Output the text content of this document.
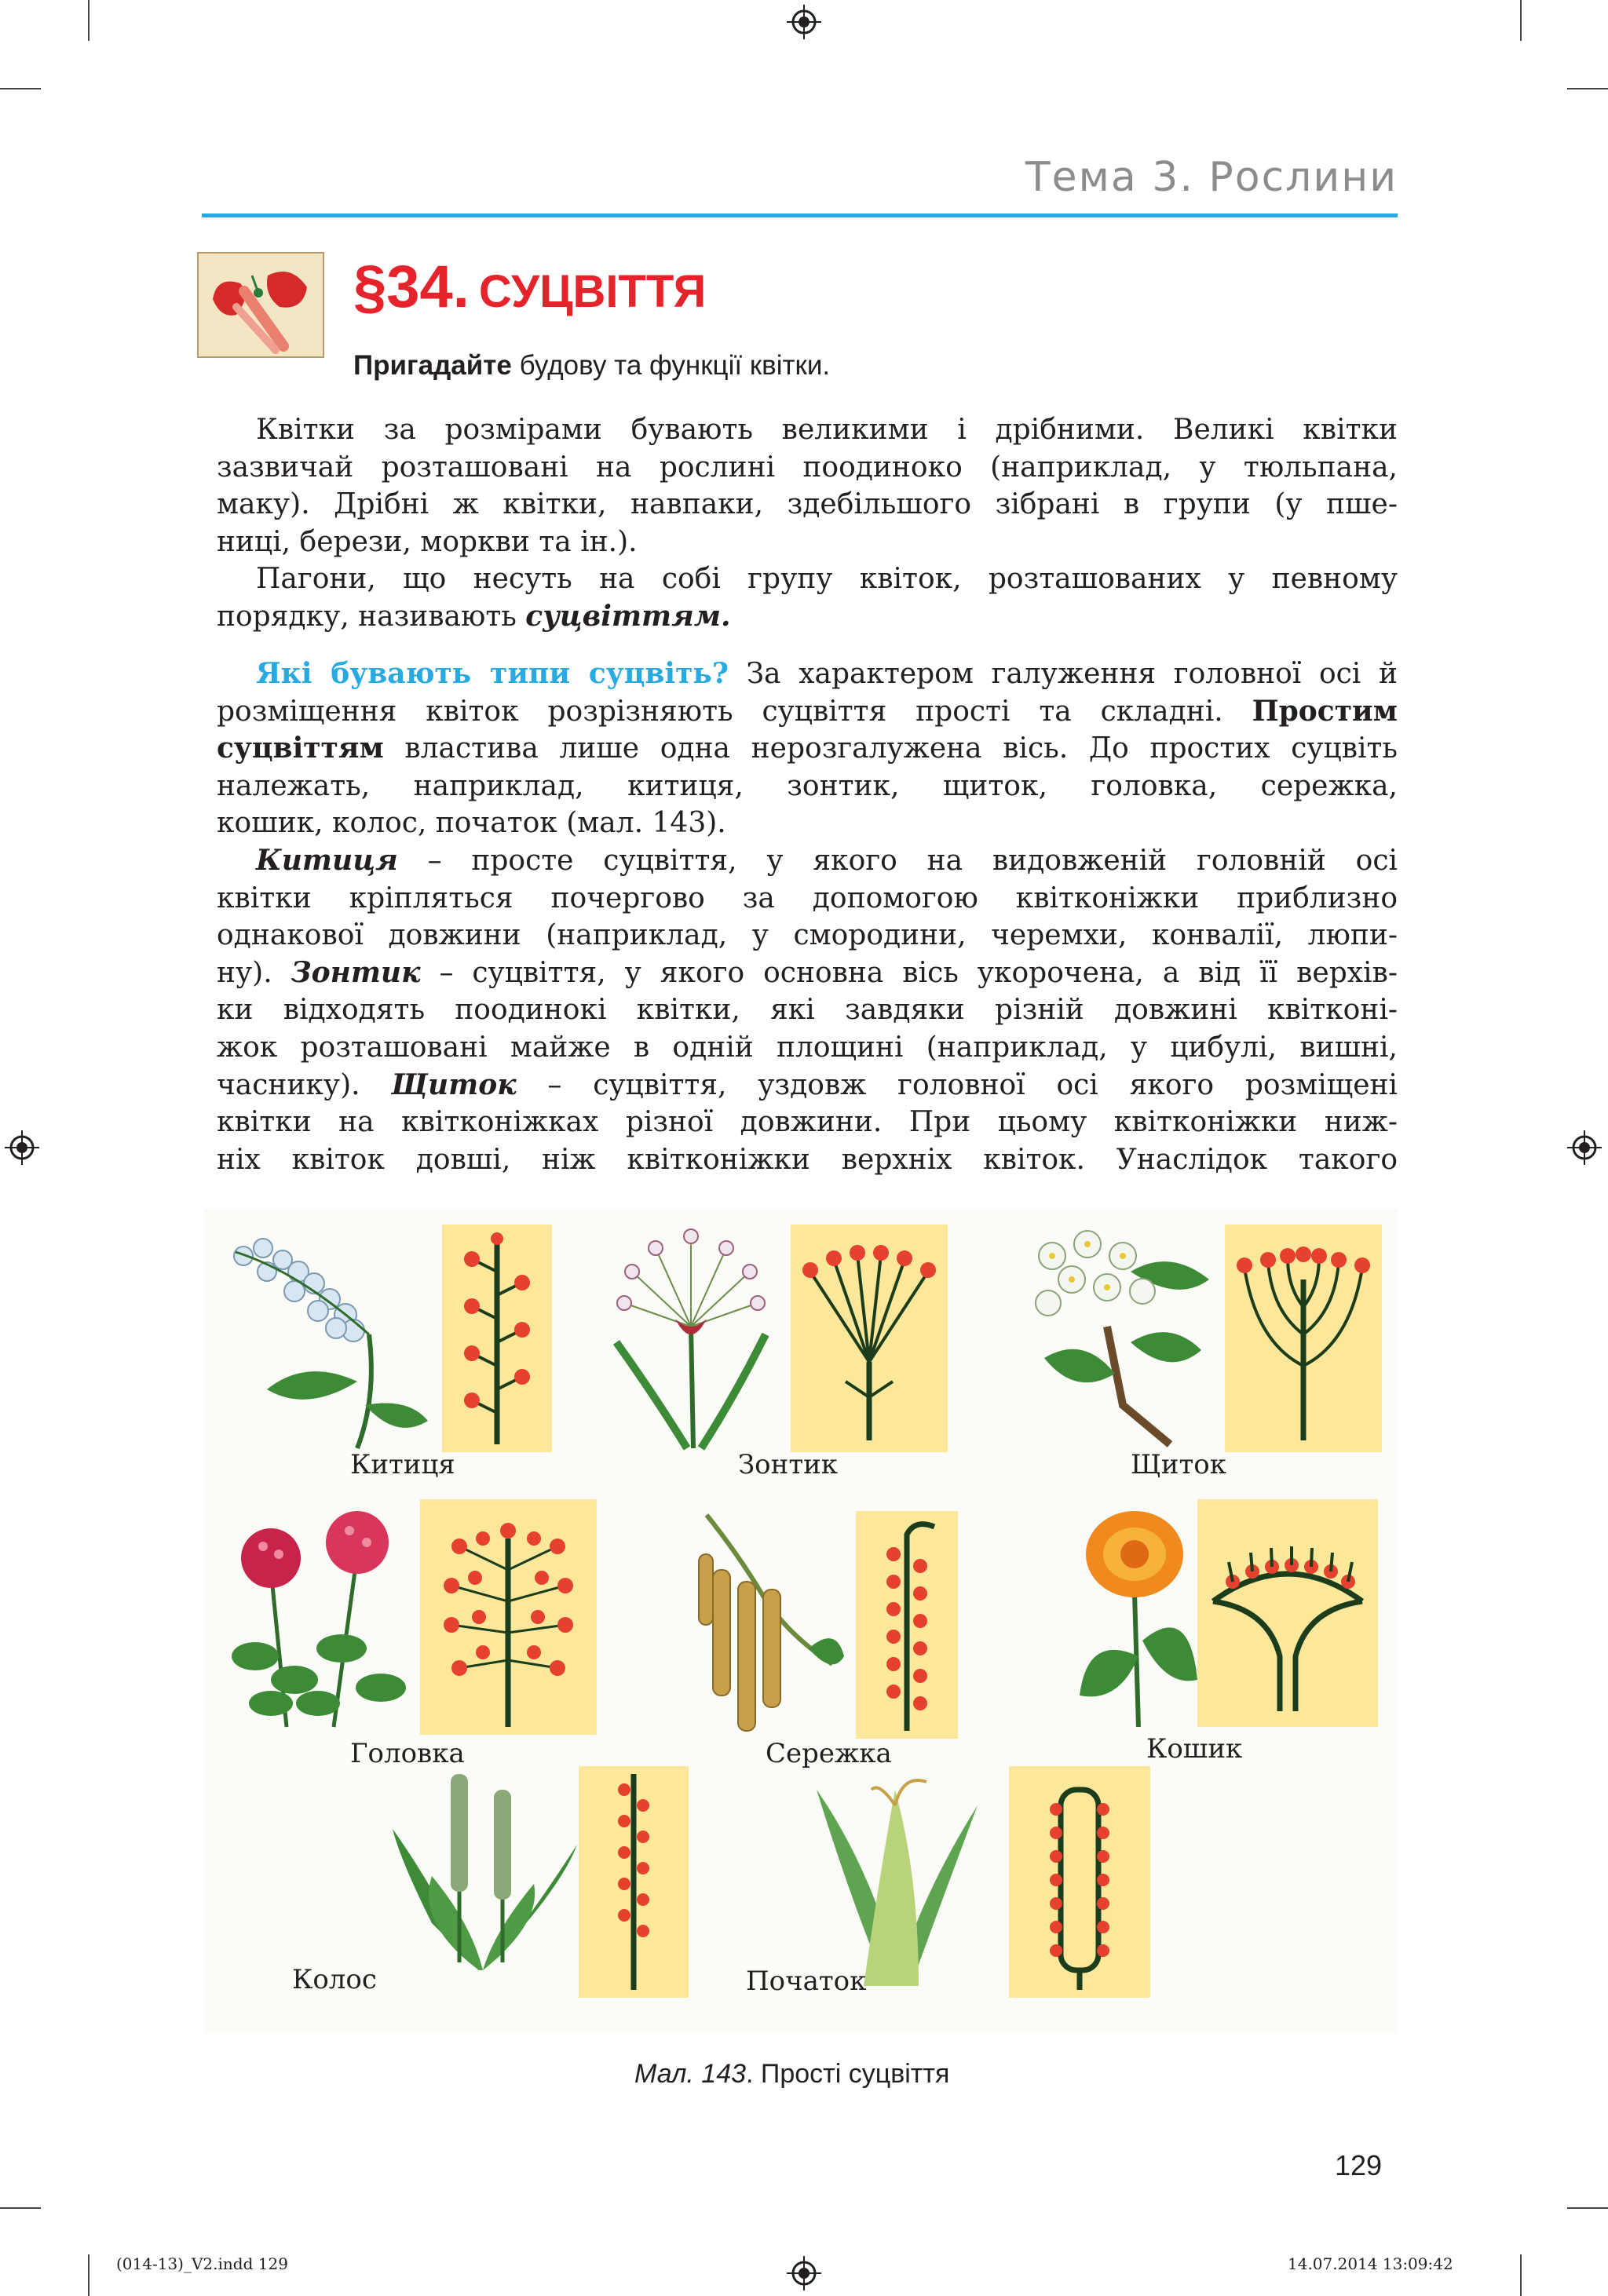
Тема 3. Рослини
§34. СУЦВІТТЯ
Пригадайте будову та функції квітки.
Квітки за розмірами бувають великими і дрібними. Великі квітки
зазвичай розташовані на рослині поодиноко (наприклад, у тюльпана,
маку). Дрібні ж квітки, навпаки, здебільшого зібрані в групи (у пше-
ниці, берези, моркви та ін.).
Пагони, що несуть на собі групу квіток, розташованих у певному
порядку, називають суцвіттям.
Які бувають типи суцвіть? За характером галуження головної осі й
розміщення квіток розрізняють суцвіття прості та складні. Простим
суцвіттям властива лише одна нерозгалужена вісь. До простих суцвіть
належать, наприклад, китиця, зонтик, щиток, головка, сережка,
кошик, колос, початок (мал. 143).
Китиця – просте суцвіття, у якого на видовженій головній осі
квітки кріпляться почергово за допомогою квітконіжки приблизно
однакової довжини (наприклад, у смородини, черемхи, конвалії, люпи-
ну). Зонтик – суцвіття, у якого основна вісь укорочена, а від її верхів-
ки відходять поодинокі квітки, які завдяки різній довжині квітконі-
жок розташовані майже в одній площині (наприклад, у цибулі, вишні,
часнику). Щиток – суцвіття, уздовж головної осі якого розміщені
квітки на квітконіжках різної довжини. При цьому квітконіжки ниж-
ніх квіток довші, ніж квітконіжки верхніх квіток. Унаслідок такого
Китиця	Зонтик	Щиток
Головка	Сережка	Кошик
Колос	Початок
Мал. 143. Прості суцвіття
129
(014-13)_V2.indd 129	14.07.2014 13:09:42
